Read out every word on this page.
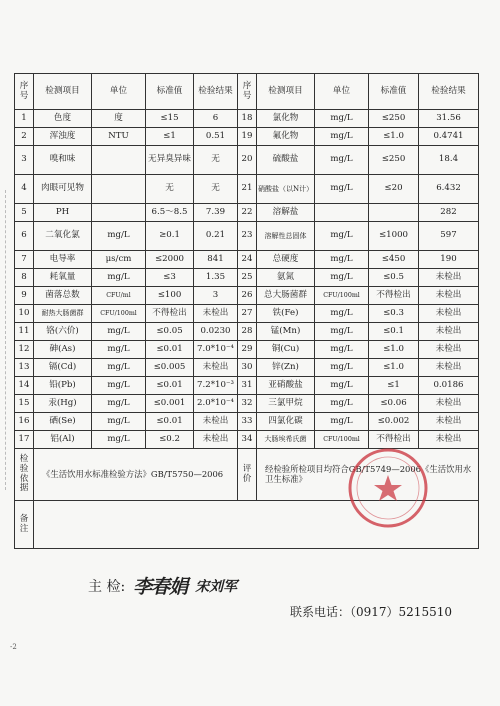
序号	检测项目	单位	标准值	检验结果	序号	检测项目	单位	标准值	检验结果
1	色度	度	≤15	6	18	氯化物	mg/L	≤250	31.56
2	浑浊度	NTU	≤1	0.51	19	氟化物	mg/L	≤1.0	0.4741
3	嗅和味		无异臭异味	无	20	硫酸盐	mg/L	≤250	18.4
4	肉眼可见物		无	无	21	硝酸盐（以N计）	mg/L	≤20	6.432
5	PH		6.5～8.5	7.39	22	溶解盐			282
6	二氧化氯	mg/L	≥0.1	0.21	23	溶解性总固体	mg/L	≤1000	597
7	电导率	μs/cm	≤2000	841	24	总硬度	mg/L	≤450	190
8	耗氧量	mg/L	≤3	1.35	25	氨氮	mg/L	≤0.5	未检出
9	菌落总数	CFU/ml	≤100	3	26	总大肠菌群	CFU/100ml	不得检出	未检出
10	耐热大肠菌群	CFU/100ml	不得检出	未检出	27	铁(Fe)	mg/L	≤0.3	未检出
11	铬(六价)	mg/L	≤0.05	0.0230	28	锰(Mn)	mg/L	≤0.1	未检出
12	砷(As)	mg/L	≤0.01	7.0*10⁻⁴	29	铜(Cu)	mg/L	≤1.0	未检出
13	镉(Cd)	mg/L	≤0.005	未检出	30	锌(Zn)	mg/L	≤1.0	未检出
14	铅(Pb)	mg/L	≤0.01	7.2*10⁻³	31	亚硝酸盐	mg/L	≤1	0.0186
15	汞(Hg)	mg/L	≤0.001	2.0*10⁻⁴	32	三氯甲烷	mg/L	≤0.06	未检出
16	硒(Se)	mg/L	≤0.01	未检出	33	四氯化碳	mg/L	≤0.002	未检出
17	铝(Al)	mg/L	≤0.2	未检出	34	大肠埃希氏菌	CFU/100ml	不得检出	未检出
检验依据	《生活饮用水标准检验方法》GB/T5750—2006				评价	经检验所检项目均符合GB/T5749—2006《生活饮用水卫生标准》			
备注									
主 检: 李春娟 宋刘军
联系电话：（0917）5215510
-2
